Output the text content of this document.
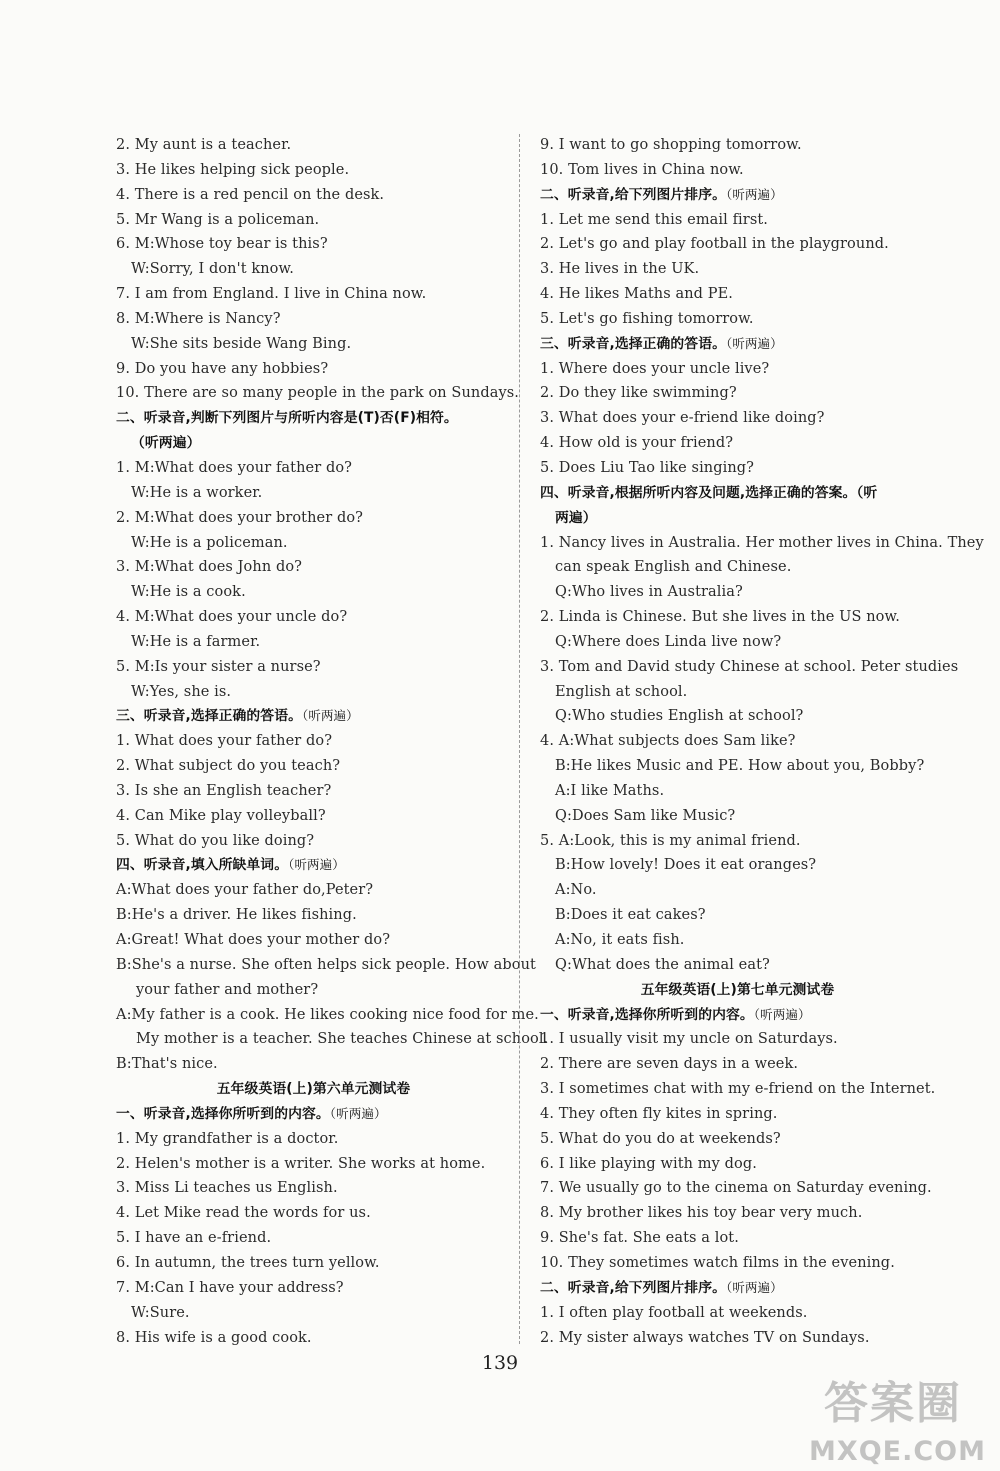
2. My aunt is a teacher.
3. He likes helping sick people.
4. There is a red pencil on the desk.
5. Mr Wang is a policeman.
6. M:Whose toy bear is this?
W:Sorry, I don't know.
7. I am from England. I live in China now.
8. M:Where is Nancy?
W:She sits beside Wang Bing.
9. Do you have any hobbies?
10. There are so many people in the park on Sundays.
二、听录音,判断下列图片与所听内容是(T)否(F)相符。
（听两遍）
1. M:What does your father do?
W:He is a worker.
2. M:What does your brother do?
W:He is a policeman.
3. M:What does John do?
W:He is a cook.
4. M:What does your uncle do?
W:He is a farmer.
5. M:Is your sister a nurse?
W:Yes, she is.
三、听录音,选择正确的答语。（听两遍）
1. What does your father do?
2. What subject do you teach?
3. Is she an English teacher?
4. Can Mike play volleyball?
5. What do you like doing?
四、听录音,填入所缺单词。（听两遍）
A:What does your father do,Peter?
B:He's a driver. He likes fishing.
A:Great! What does your mother do?
B:She's a nurse. She often helps sick people. How about
your father and mother?
A:My father is a cook. He likes cooking nice food for me.
My mother is a teacher. She teaches Chinese at school.
B:That's nice.
五年级英语(上)第六单元测试卷
一、听录音,选择你所听到的内容。（听两遍）
1. My grandfather is a doctor.
2. Helen's mother is a writer. She works at home.
3. Miss Li teaches us English.
4. Let Mike read the words for us.
5. I have an e-friend.
6. In autumn, the trees turn yellow.
7. M:Can I have your address?
W:Sure.
8. His wife is a good cook.
9. I want to go shopping tomorrow.
10. Tom lives in China now.
二、听录音,给下列图片排序。（听两遍）
1. Let me send this email first.
2. Let's go and play football in the playground.
3. He lives in the UK.
4. He likes Maths and PE.
5. Let's go fishing tomorrow.
三、听录音,选择正确的答语。（听两遍）
1. Where does your uncle live?
2. Do they like swimming?
3. What does your e-friend like doing?
4. How old is your friend?
5. Does Liu Tao like singing?
四、听录音,根据所听内容及问题,选择正确的答案。（听
两遍）
1. Nancy lives in Australia. Her mother lives in China. They
can speak English and Chinese.
Q:Who lives in Australia?
2. Linda is Chinese. But she lives in the US now.
Q:Where does Linda live now?
3. Tom and David study Chinese at school. Peter studies
English at school.
Q:Who studies English at school?
4. A:What subjects does Sam like?
B:He likes Music and PE. How about you, Bobby?
A:I like Maths.
Q:Does Sam like Music?
5. A:Look, this is my animal friend.
B:How lovely! Does it eat oranges?
A:No.
B:Does it eat cakes?
A:No, it eats fish.
Q:What does the animal eat?
五年级英语(上)第七单元测试卷
一、听录音,选择你所听到的内容。（听两遍）
1. I usually visit my uncle on Saturdays.
2. There are seven days in a week.
3. I sometimes chat with my e-friend on the Internet.
4. They often fly kites in spring.
5. What do you do at weekends?
6. I like playing with my dog.
7. We usually go to the cinema on Saturday evening.
8. My brother likes his toy bear very much.
9. She's fat. She eats a lot.
10. They sometimes watch films in the evening.
二、听录音,给下列图片排序。（听两遍）
1. I often play football at weekends.
2. My sister always watches TV on Sundays.
139
答案圈
MXQE.COM
